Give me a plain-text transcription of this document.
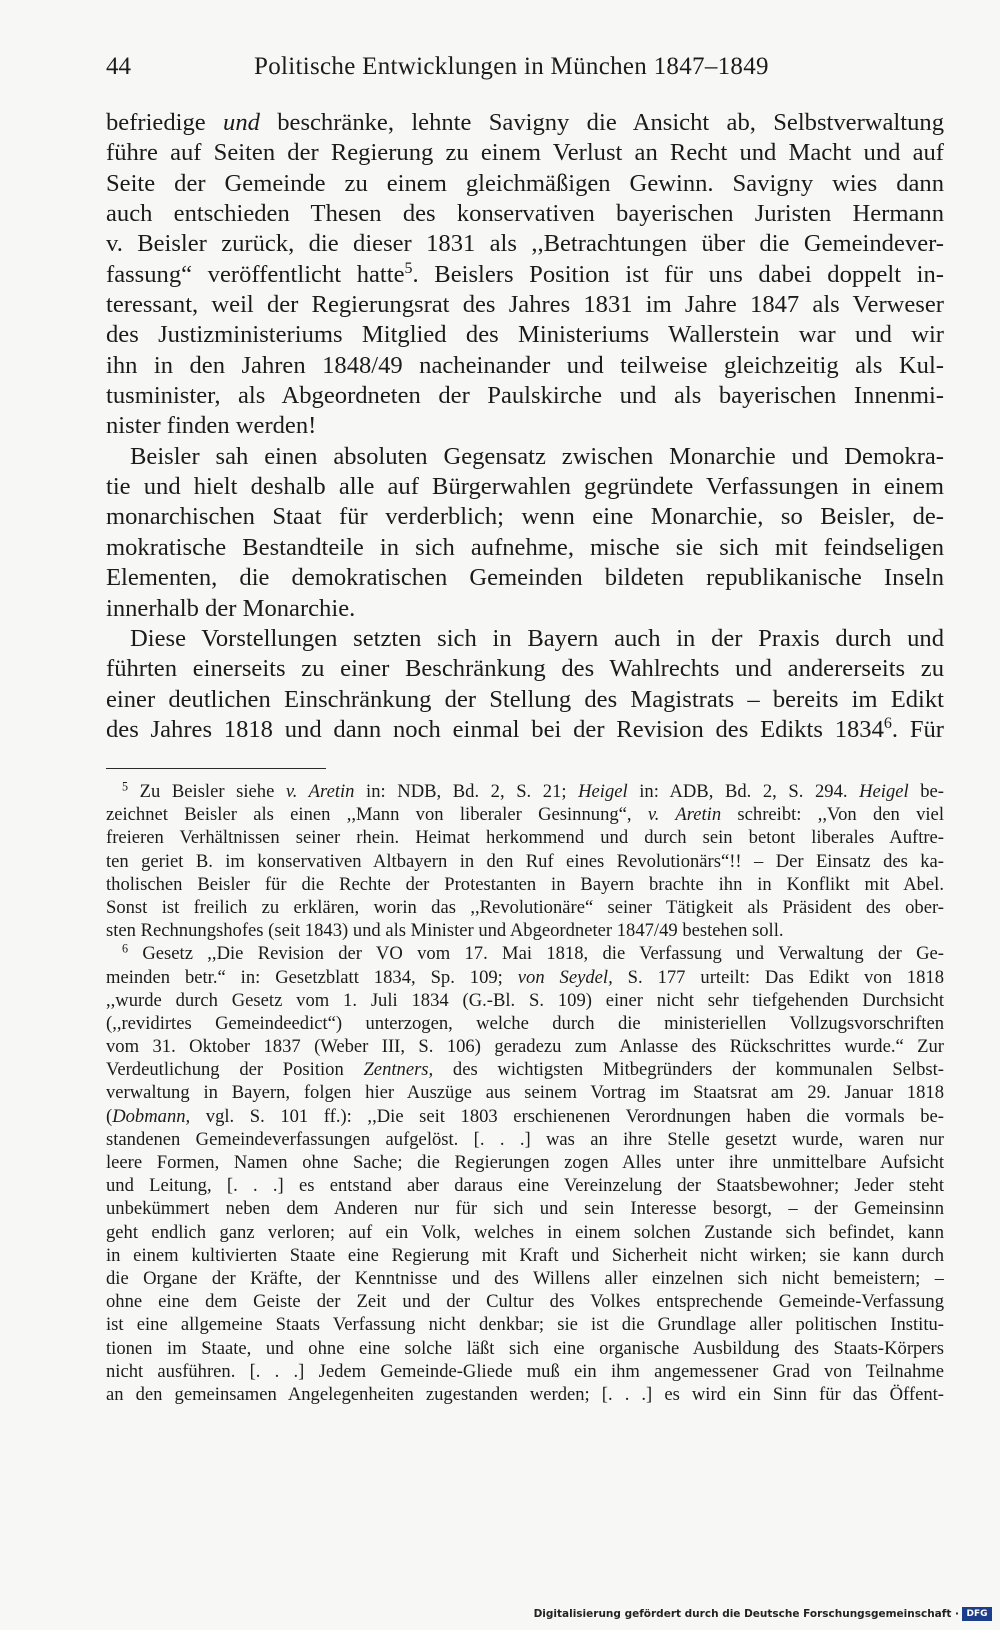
44	Politische Entwicklungen in München 1847–1849

befriedige und beschränke, lehnte Savigny die Ansicht ab, Selbstverwaltung

führe auf Seiten der Regierung zu einem Verlust an Recht und Macht und auf

Seite der Gemeinde zu einem gleichmäßigen Gewinn. Savigny wies dann

auch entschieden Thesen des konservativen bayerischen Juristen Hermann

v. Beisler zurück, die dieser 1831 als ,,Betrachtungen über die Gemeindever-

fassung“ veröffentlicht hatte$^5$. Beislers Position ist für uns dabei doppelt in-

teressant, weil der Regierungsrat des Jahres 1831 im Jahre 1847 als Verweser

des Justizministeriums Mitglied des Ministeriums Wallerstein war und wir

ihn in den Jahren 1848/49 nacheinander und teilweise gleichzeitig als Kul-

tusminister, als Abgeordneten der Paulskirche und als bayerischen Innenmi-

nister finden werden!

Beisler sah einen absoluten Gegensatz zwischen Monarchie und Demokra-

tie und hielt deshalb alle auf Bürgerwahlen gegründete Verfassungen in einem

monarchischen Staat für verderblich; wenn eine Monarchie, so Beisler, de-

mokratische Bestandteile in sich aufnehme, mische sie sich mit feindseligen

Elementen, die demokratischen Gemeinden bildeten republikanische Inseln

innerhalb der Monarchie.

Diese Vorstellungen setzten sich in Bayern auch in der Praxis durch und

führten einerseits zu einer Beschränkung des Wahlrechts und andererseits zu

einer deutlichen Einschränkung der Stellung des Magistrats – bereits im Edikt

des Jahres 1818 und dann noch einmal bei der Revision des Edikts 1834$^6$. Für

$^5$ Zu Beisler siehe v. Aretin in: NDB, Bd. 2, S. 21; Heigel in: ADB, Bd. 2, S. 294. Heigel be-

zeichnet Beisler als einen ,,Mann von liberaler Gesinnung“, v. Aretin schreibt: ,,Von den viel

freieren Verhältnissen seiner rhein. Heimat herkommend und durch sein betont liberales Auftre-

ten geriet B. im konservativen Altbayern in den Ruf eines Revolutionärs“!! – Der Einsatz des ka-

tholischen Beisler für die Rechte der Protestanten in Bayern brachte ihn in Konflikt mit Abel.

Sonst ist freilich zu erklären, worin das ,,Revolutionäre“ seiner Tätigkeit als Präsident des ober-

sten Rechnungshofes (seit 1843) und als Minister und Abgeordneter 1847/49 bestehen soll.

$^6$ Gesetz ,,Die Revision der VO vom 17. Mai 1818, die Verfassung und Verwaltung der Ge-

meinden betr.“ in: Gesetzblatt 1834, Sp. 109; von Seydel, S. 177 urteilt: Das Edikt von 1818

,,wurde durch Gesetz vom 1. Juli 1834 (G.-Bl. S. 109) einer nicht sehr tiefgehenden Durchsicht

(,,revidirtes Gemeindeedict“) unterzogen, welche durch die ministeriellen Vollzugsvorschriften

vom 31. Oktober 1837 (Weber III, S. 106) geradezu zum Anlasse des Rückschrittes wurde.“ Zur

Verdeutlichung der Position Zentners, des wichtigsten Mitbegründers der kommunalen Selbst-

verwaltung in Bayern, folgen hier Auszüge aus seinem Vortrag im Staatsrat am 29. Januar 1818

(Dobmann, vgl. S. 101 ff.): ,,Die seit 1803 erschienenen Verordnungen haben die vormals be-

standenen Gemeindeverfassungen aufgelöst. [. . .] was an ihre Stelle gesetzt wurde, waren nur

leere Formen, Namen ohne Sache; die Regierungen zogen Alles unter ihre unmittelbare Aufsicht

und Leitung, [. . .] es entstand aber daraus eine Vereinzelung der Staatsbewohner; Jeder steht

unbekümmert neben dem Anderen nur für sich und sein Interesse besorgt, – der Gemeinsinn

geht endlich ganz verloren; auf ein Volk, welches in einem solchen Zustande sich befindet, kann

in einem kultivierten Staate eine Regierung mit Kraft und Sicherheit nicht wirken; sie kann durch

die Organe der Kräfte, der Kenntnisse und des Willens aller einzelnen sich nicht bemeistern; –

ohne eine dem Geiste der Zeit und der Cultur des Volkes entsprechende Gemeinde-Verfassung

ist eine allgemeine Staats Verfassung nicht denkbar; sie ist die Grundlage aller politischen Institu-

tionen im Staate, und ohne eine solche läßt sich eine organische Ausbildung des Staats-Körpers

nicht ausführen. [. . .] Jedem Gemeinde-Gliede muß ein ihm angemessener Grad von Teilnahme

an den gemeinsamen Angelegenheiten zugestanden werden; [. . .] es wird ein Sinn für das Öffent-

Digitalisierung gefördert durch die Deutsche Forschungsgemeinschaft · DFG
